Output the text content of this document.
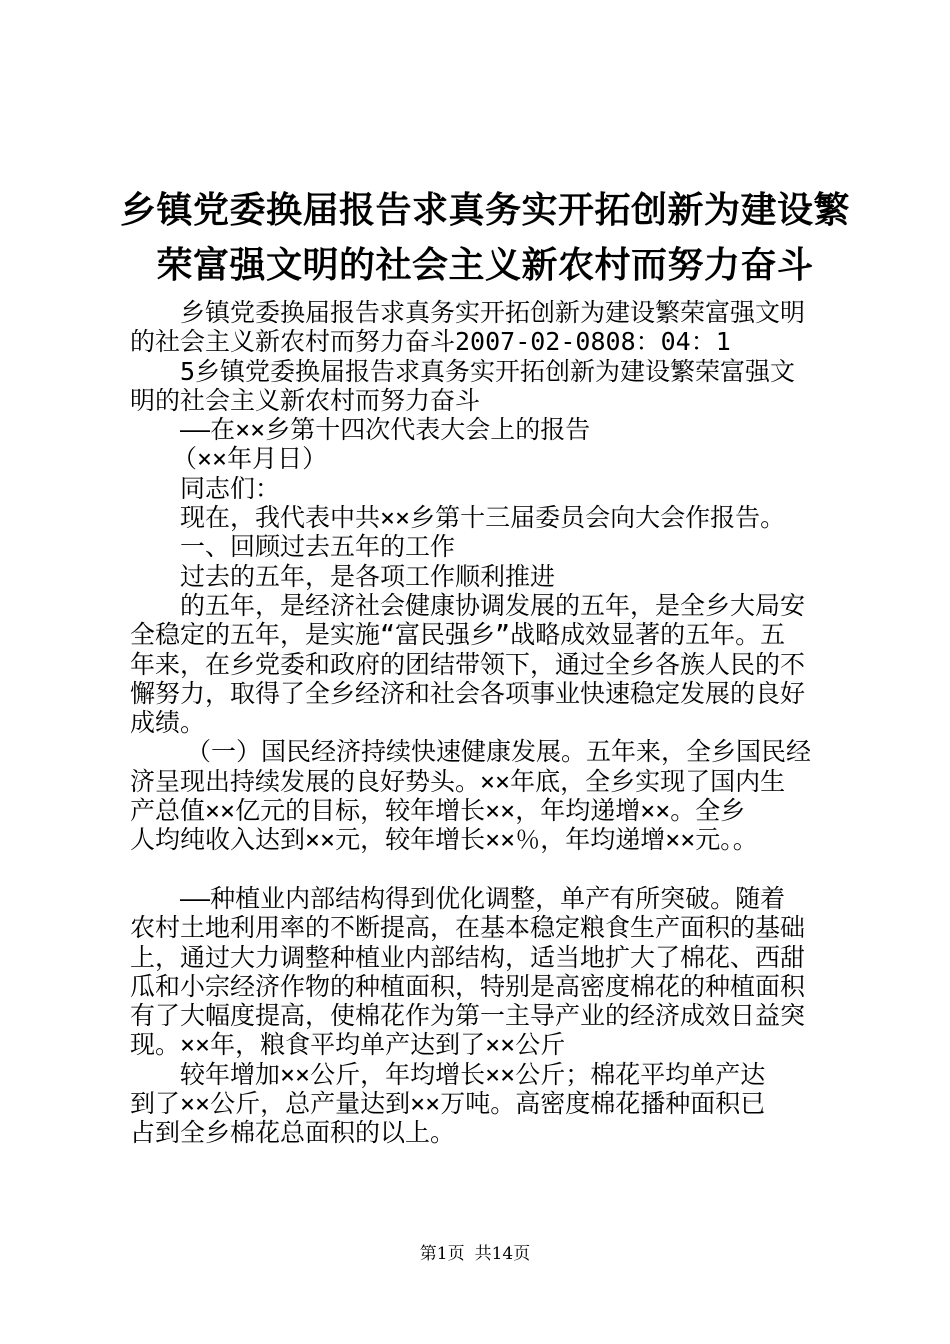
乡镇党委换届报告求真务实开拓创新为建设繁
荣富强文明的社会主义新农村而努力奋斗

乡镇党委换届报告求真务实开拓创新为建设繁荣富强文明

的社会主义新农村而努力奋斗2007-02-0808：04：1

5乡镇党委换届报告求真务实开拓创新为建设繁荣富强文

明的社会主义新农村而努力奋斗

——在××乡第十四次代表大会上的报告

（××年月日）

同志们：

现在，我代表中共××乡第十三届委员会向大会作报告。

一、回顾过去五年的工作

过去的五年，是各项工作顺利推进

的五年，是经济社会健康协调发展的五年，是全乡大局安

全稳定的五年，是实施“富民强乡”战略成效显著的五年。五

年来，在乡党委和政府的团结带领下，通过全乡各族人民的不

懈努力，取得了全乡经济和社会各项事业快速稳定发展的良好

成绩。

（一）国民经济持续快速健康发展。五年来，全乡国民经

济呈现出持续发展的良好势头。××年底，全乡实现了国内生

产总值××亿元的目标，较年增长××，年均递增××。全乡

人均纯收入达到××元，较年增长××％，年均递增××元。。

——种植业内部结构得到优化调整，单产有所突破。随着

农村土地利用率的不断提高，在基本稳定粮食生产面积的基础

上，通过大力调整种植业内部结构，适当地扩大了棉花、西甜

瓜和小宗经济作物的种植面积，特别是高密度棉花的种植面积

有了大幅度提高，使棉花作为第一主导产业的经济成效日益突

现。××年，粮食平均单产达到了××公斤

较年增加××公斤，年均增长××公斤；棉花平均单产达

到了××公斤，总产量达到××万吨。高密度棉花播种面积已

占到全乡棉花总面积的以上。

第1页 共14页
